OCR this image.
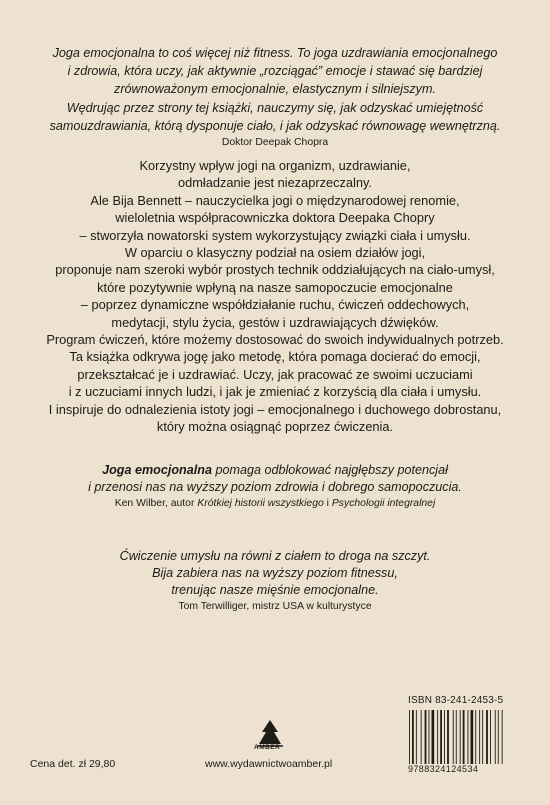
Joga emocjonalna to coś więcej niż fitness. To joga uzdrawiania emocjonalnego
i zdrowia, która uczy, jak aktywnie „rozciągać” emocje i stawać się bardziej
zrównoważonym emocjonalnie, elastycznym i silniejszym.
Wędrując przez strony tej książki, nauczymy się, jak odzyskać umiejętność
samouzdrawiania, którą dysponuje ciało, i jak odzyskać równowagę wewnętrzną.
Doktor Deepak Chopra
Korzystny wpływ jogi na organizm, uzdrawianie,
odmładzanie jest niezaprzeczalny.
Ale Bija Bennett – nauczycielka jogi o międzynarodowej renomie,
wieloletnia współpracowniczka doktora Deepaka Chopry
– stworzyła nowatorski system wykorzystujący związki ciała i umysłu.
W oparciu o klasyczny podział na osiem działów jogi,
proponuje nam szeroki wybór prostych technik oddziałujących na ciało-umysł,
które pozytywnie wpłyną na nasze samopoczucie emocjonalne
– poprzez dynamiczne współdziałanie ruchu, ćwiczeń oddechowych,
medytacji, stylu życia, gestów i uzdrawiających dźwięków.
Program ćwiczeń, które możemy dostosować do swoich indywidualnych potrzeb.
Ta książka odkrywa jogę jako metodę, która pomaga docierać do emocji,
przekształcać je i uzdrawiać. Uczy, jak pracować ze swoimi uczuciami
i z uczuciami innych ludzi, i jak je zmieniać z korzyścią dla ciała i umysłu.
I inspiruje do odnalezienia istoty jogi – emocjonalnego i duchowego dobrostanu,
który można osiągnąć poprzez ćwiczenia.
Joga emocjonalna pomaga odblokować najgłębszy potencjał
i przenosi nas na wyższy poziom zdrowia i dobrego samopoczucia.
Ken Wilber, autor Krótkiej historii wszystkiego i Psychologii integralnej
Ćwiczenie umysłu na równi z ciałem to droga na szczyt.
Bija zabiera nas na wyższy poziom fitnessu,
trenując nasze mięśnie emocjonalne.
Tom Terwilliger, mistrz USA w kulturystyce
Cena det. zł 29,80	www.wydawnictwoamber.pl
AMBER
ISBN 83-241-2453-5
9788324124534
